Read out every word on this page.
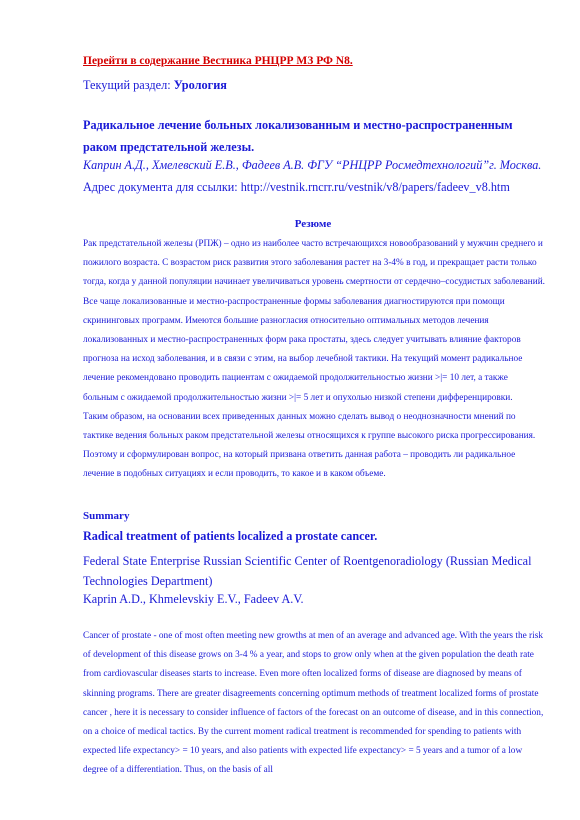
Перейти в содержание Вестника РНЦРР МЗ РФ N8.
Текущий раздел: Урология
Радикальное лечение больных локализованным и местно-распространенным раком предстательной железы.
Каприн А.Д., Хмелевский Е.В., Фадеев А.В. ФГУ “РНЦРР Росмедтехнологий”г. Москва.
Адрес документа для ссылки: http://vestnik.rncrr.ru/vestnik/v8/papers/fadeev_v8.htm
Резюме

Рак предстательной железы (РПЖ) – одно из наиболее часто встречающихся новообразований у мужчин среднего и пожилого возраста. С возрастом риск развития этого заболевания растет на 3-4% в год, и прекращает расти только тогда, когда у данной популяции начинает увеличиваться уровень смертности от сердечно–сосудистых заболеваний.

Все чаще локализованные и местно-распространенные формы заболевания диагностируются при помощи скрининговых программ. Имеются большие разногласия относительно оптимальных методов лечения локализованных и местно-распространенных форм рака простаты, здесь следует учитывать влияние факторов прогноза на исход заболевания, и в связи с этим, на выбор лечебной тактики. На текущий момент радикальное лечение рекомендовано проводить пациентам с ожидаемой продолжительностью жизни >|= 10 лет, а также больным с ожидаемой продолжительностью жизни >|= 5 лет и опухолью низкой степени дифференцировки.

Таким образом, на основании всех приведенных данных можно сделать вывод о неоднозначности мнений по тактике ведения больных раком предстательной железы относящихся к группе высокого риска прогрессирования. Поэтому и сформулирован вопрос, на который призвана ответить данная работа – проводить ли радикальное лечение в подобных ситуациях и если проводить, то какое и в каком объеме.

Summary
Radical treatment of patients localized a prostate cancer.
Federal State Enterprise Russian Scientific Center of Roentgenoradiology (Russian Medical Technologies Department)
Kaprin A.D., Khmelevskiy E.V., Fadeev A.V.
Cancer of prostate - one of most often meeting new growths at men of an average and advanced age. With the years the risk of development of this disease grows on 3-4 % a year, and stops to grow only when at the given population the death rate from cardiovascular diseases starts to increase. Even more often localized forms of disease are diagnosed by means of skinning programs. There are greater disagreements concerning optimum methods of treatment localized forms of prostate cancer , here it is necessary to consider influence of factors of the forecast on an outcome of disease, and in this connection, on a choice of medical tactics. By the current moment radical treatment is recommended for spending to patients with expected life expectancy> = 10 years, and also patients with expected life expectancy> = 5 years and a tumor of a low degree of a differentiation. Thus, on the basis of all
